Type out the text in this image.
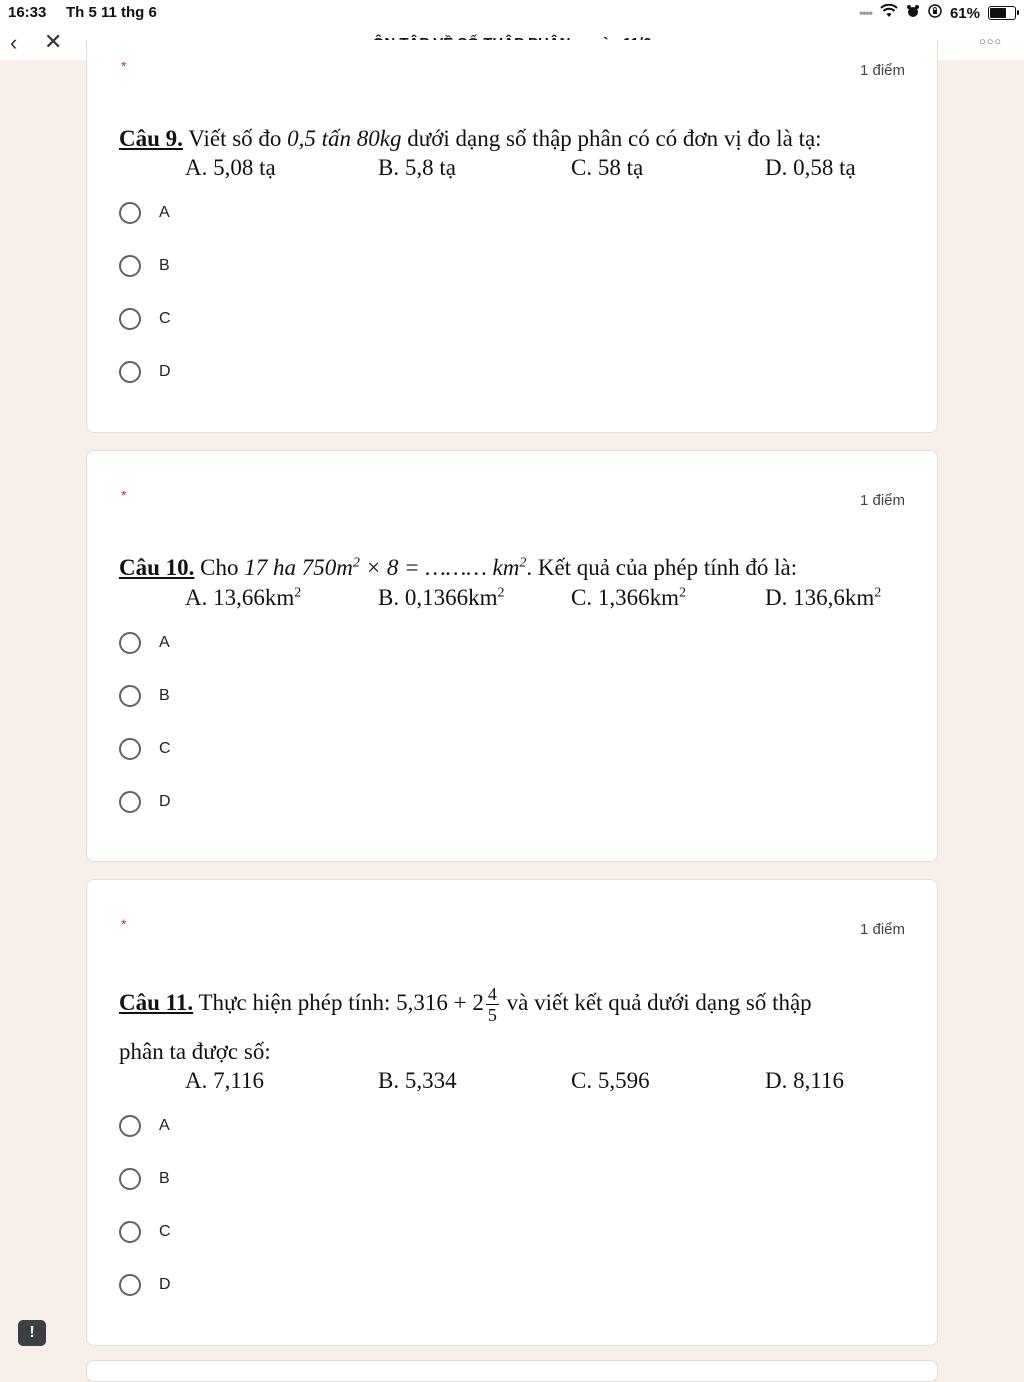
16:33 Th 5 11 thg 6	••••	61%
‹ ✕	○○○
*	1 điểm
Câu 9. Viết số đo 0,5 tấn 80kg dưới dạng số thập phân có có đơn vị đo là tạ:
A. 5,08 tạ	B. 5,8 tạ	C. 58 tạ	D. 0,58 tạ
A
B
C
D
*	1 điểm
Câu 10. Cho 17 ha $750m^2 \times 8$ = ……… $km^2$. Kết quả của phép tính đó là:
A. $13,66km^2$	B. $0,1366km^2$	C. $1,366km^2$	D. $136,6km^2$
A
B
C
D
*	1 điểm
Câu 11. Thực hiện phép tính: $5,316 + 2 \frac{4}{5}$ và viết kết quả dưới dạng số thập
phân ta được số:
A. 7,116	B. 5,334	C. 5,596	D. 8,116
A
B
C
D
!
